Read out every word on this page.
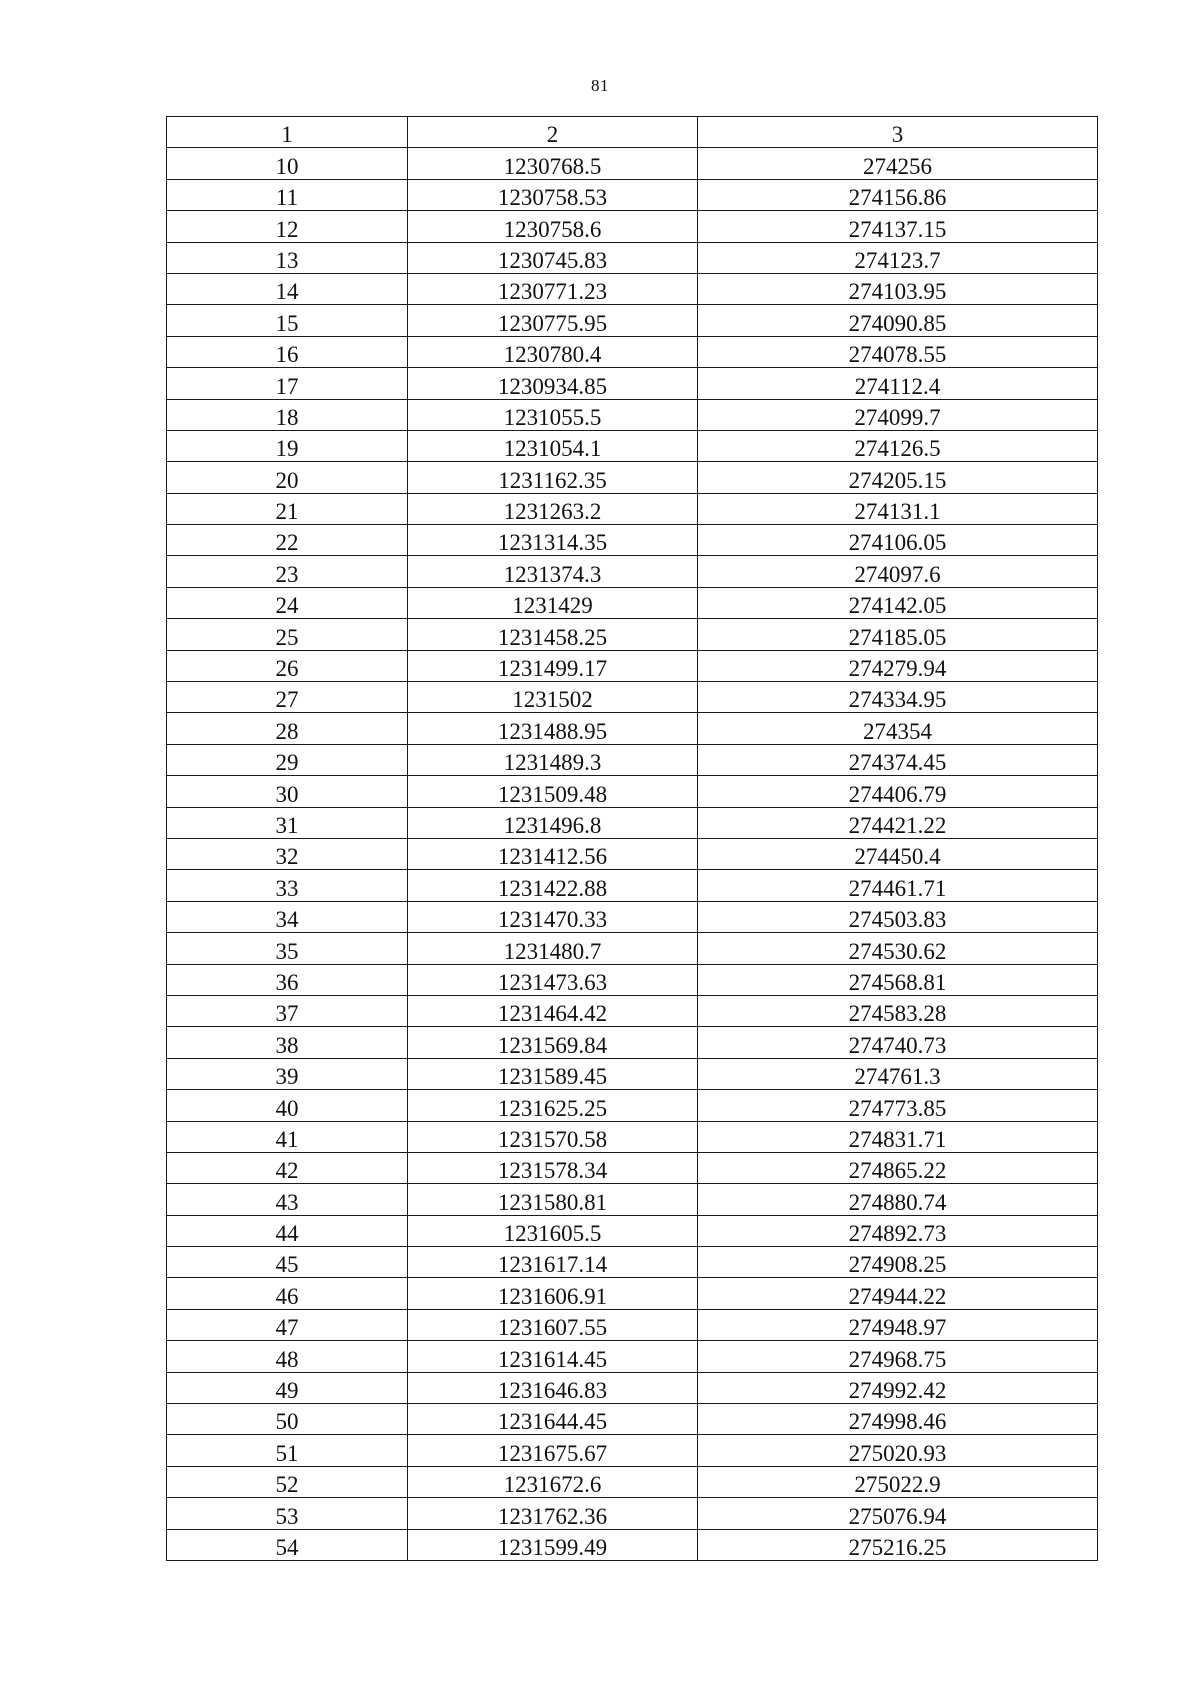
81
1	2	3
10	1230768.5	274256
11	1230758.53	274156.86
12	1230758.6	274137.15
13	1230745.83	274123.7
14	1230771.23	274103.95
15	1230775.95	274090.85
16	1230780.4	274078.55
17	1230934.85	274112.4
18	1231055.5	274099.7
19	1231054.1	274126.5
20	1231162.35	274205.15
21	1231263.2	274131.1
22	1231314.35	274106.05
23	1231374.3	274097.6
24	1231429	274142.05
25	1231458.25	274185.05
26	1231499.17	274279.94
27	1231502	274334.95
28	1231488.95	274354
29	1231489.3	274374.45
30	1231509.48	274406.79
31	1231496.8	274421.22
32	1231412.56	274450.4
33	1231422.88	274461.71
34	1231470.33	274503.83
35	1231480.7	274530.62
36	1231473.63	274568.81
37	1231464.42	274583.28
38	1231569.84	274740.73
39	1231589.45	274761.3
40	1231625.25	274773.85
41	1231570.58	274831.71
42	1231578.34	274865.22
43	1231580.81	274880.74
44	1231605.5	274892.73
45	1231617.14	274908.25
46	1231606.91	274944.22
47	1231607.55	274948.97
48	1231614.45	274968.75
49	1231646.83	274992.42
50	1231644.45	274998.46
51	1231675.67	275020.93
52	1231672.6	275022.9
53	1231762.36	275076.94
54	1231599.49	275216.25
